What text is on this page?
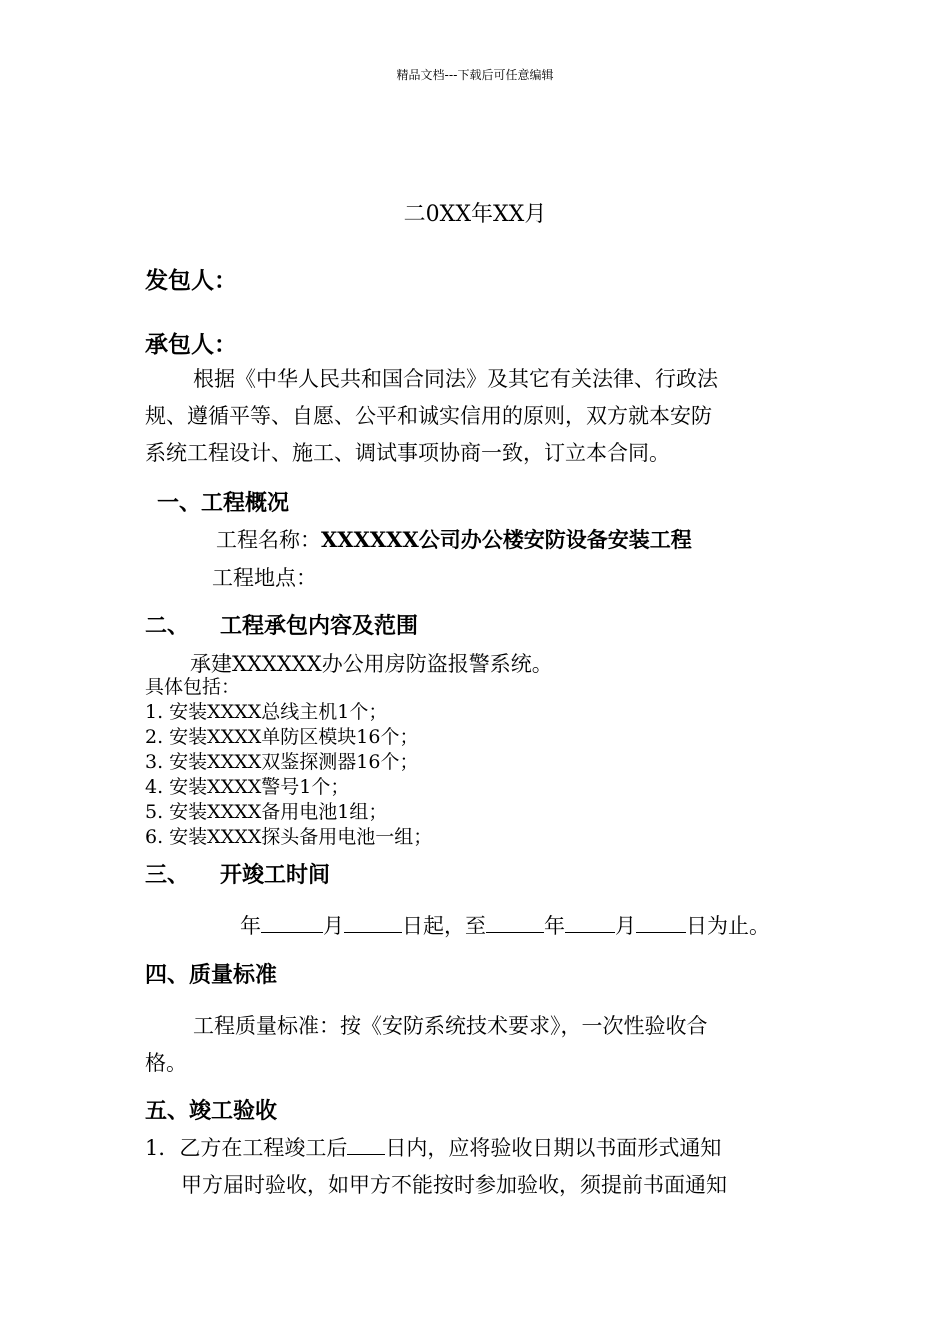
精品文档---下载后可任意编辑
二0XX年XX月
发包人：
承包人：
根据《中华人民共和国合同法》及其它有关法律、行政法
规、遵循平等、自愿、公平和诚实信用的原则，双方就本安防
系统工程设计、施工、调试事项协商一致，订立本合同。
一、工程概况
工程名称：XXXXXX公司办公楼安防设备安装工程
工程地点：
二、 工程承包内容及范围
承建XXXXXX办公用房防盗报警系统。
具体包括：
1. 安装XXXX总线主机1个；
2. 安装XXXX单防区模块16个；
3. 安装XXXX双鉴探测器16个；
4. 安装XXXX警号1个；
5. 安装XXXX备用电池1组；
6. 安装XXXX探头备用电池一组；
三、 开竣工时间
年	月	日起，至	年 月 日为止。
四、质量标准
工程质量标准：按《安防系统技术要求》，一次性验收合
格。
五、竣工验收
1．乙方在工程竣工后 日内，应将验收日期以书面形式通知
甲方届时验收，如甲方不能按时参加验收，须提前书面通知
